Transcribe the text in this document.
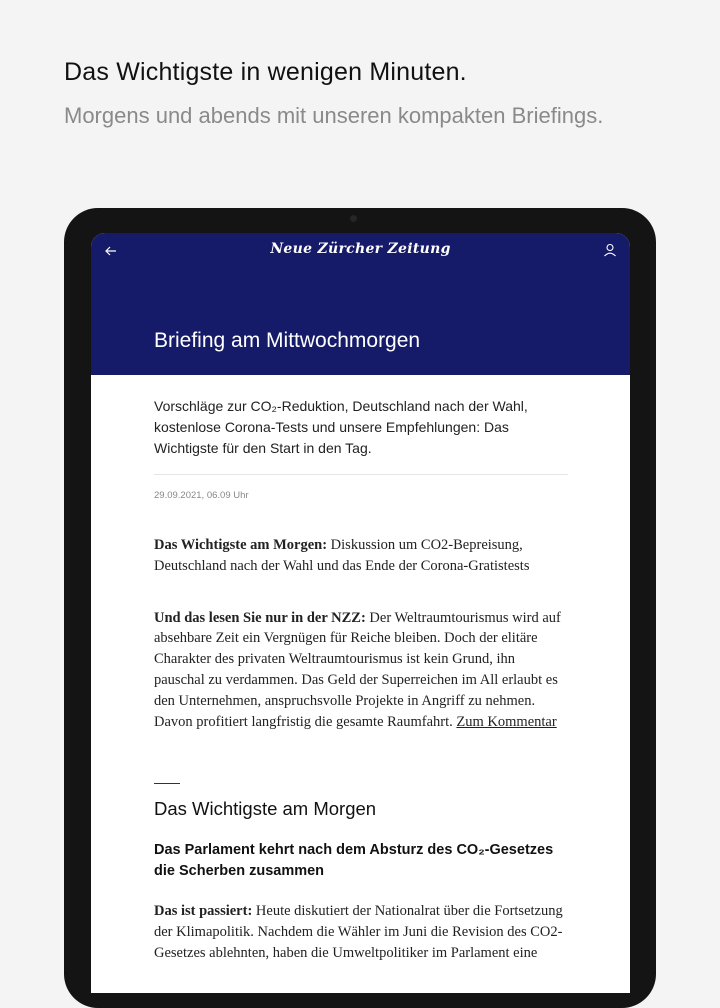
Das Wichtigste in wenigen Minuten.
Morgens und abends mit unseren kompakten Briefings.
Neue Zürcher Zeitung
Briefing am Mittwochmorgen
Vorschläge zur CO₂-Reduktion, Deutschland nach der Wahl, kostenlose Corona-Tests und unsere Empfehlungen: Das Wichtigste für den Start in den Tag.
29.09.2021, 06.09 Uhr
Das Wichtigste am Morgen: Diskussion um CO2-Bepreisung, Deutschland nach der Wahl und das Ende der Corona-Gratistests
Und das lesen Sie nur in der NZZ: Der Weltraumtourismus wird auf absehbare Zeit ein Vergnügen für Reiche bleiben. Doch der elitäre Charakter des privaten Weltraumtourismus ist kein Grund, ihn pauschal zu verdammen. Das Geld der Superreichen im All erlaubt es den Unternehmen, anspruchsvolle Projekte in Angriff zu nehmen. Davon profitiert langfristig die gesamte Raumfahrt. Zum Kommentar
Das Wichtigste am Morgen
Das Parlament kehrt nach dem Absturz des CO₂-Gesetzes die Scherben zusammen
Das ist passiert: Heute diskutiert der Nationalrat über die Fortsetzung der Klimapolitik. Nachdem die Wähler im Juni die Revision des CO2-Gesetzes ablehnten, haben die Umweltpolitiker im Parlament eine
